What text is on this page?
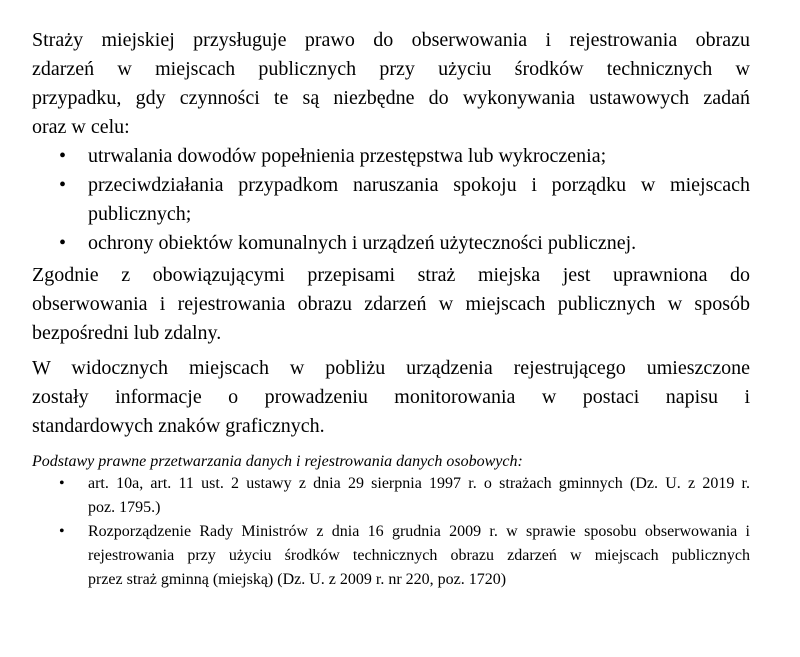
Straży miejskiej przysługuje prawo do obserwowania i rejestrowania obrazu
zdarzeń w miejscach publicznych przy użyciu środków technicznych w
przypadku, gdy czynności te są niezbędne do wykonywania ustawowych zadań
oraz w celu:
• utrwalania dowodów popełnienia przestępstwa lub wykroczenia;
• przeciwdziałania przypadkom naruszania spokoju i porządku w miejscach
publicznych;
• ochrony obiektów komunalnych i urządzeń użyteczności publicznej.
Zgodnie z obowiązującymi przepisami straż miejska jest uprawniona do
obserwowania i rejestrowania obrazu zdarzeń w miejscach publicznych w sposób
bezpośredni lub zdalny.
W widocznych miejscach w pobliżu urządzenia rejestrującego umieszczone
zostały informacje o prowadzeniu monitorowania w postaci napisu i
standardowych znaków graficznych.

Podstawy prawne przetwarzania danych i rejestrowania danych osobowych:

• art. 10a, art. 11 ust. 2 ustawy z dnia 29 sierpnia 1997 r. o strażach gminnych (Dz. U. z 2019 r.
poz. 1795.)
• Rozporządzenie Rady Ministrów z dnia 16 grudnia 2009 r. w sprawie sposobu obserwowania i
rejestrowania przy użyciu środków technicznych obrazu zdarzeń w miejscach publicznych
przez straż gminną (miejską) (Dz. U. z 2009 r. nr 220, poz. 1720)
